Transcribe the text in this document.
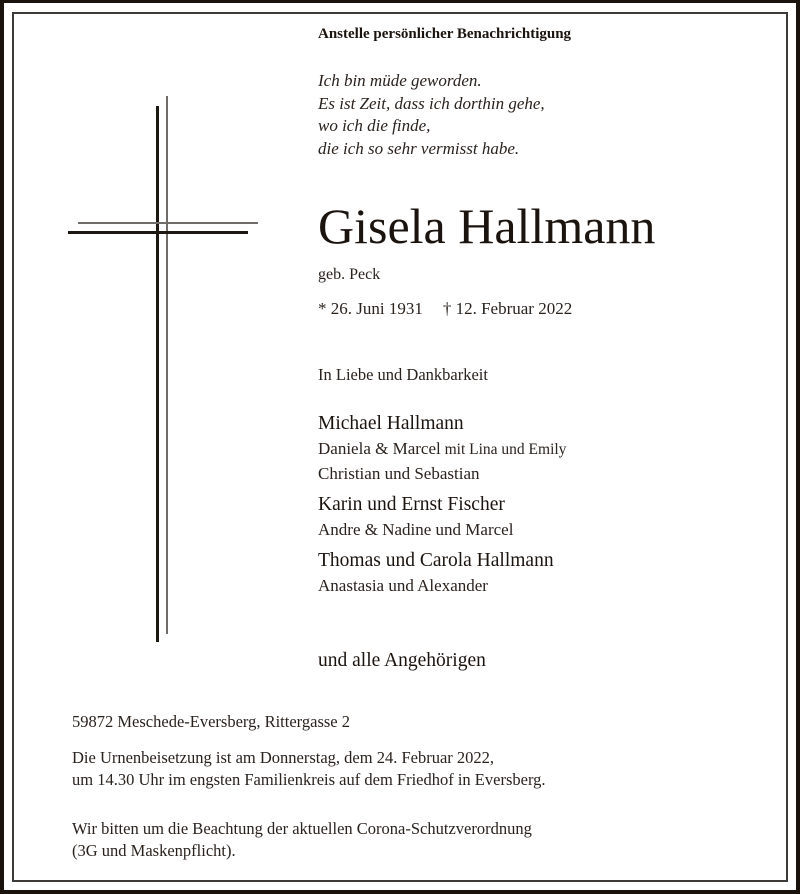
Anstelle persönlicher Benachrichtigung
Ich bin müde geworden.
Es ist Zeit, dass ich dorthin gehe,
wo ich die finde,
die ich so sehr vermisst habe.
Gisela Hallmann
geb. Peck
* 26. Juni 1931 † 12. Februar 2022
In Liebe und Dankbarkeit
Michael Hallmann
Daniela & Marcel mit Lina und Emily
Christian und Sebastian
Karin und Ernst Fischer
Andre & Nadine und Marcel
Thomas und Carola Hallmann
Anastasia und Alexander
und alle Angehörigen
59872 Meschede-Eversberg, Rittergasse 2
Die Urnenbeisetzung ist am Donnerstag, dem 24. Februar 2022,
um 14.30 Uhr im engsten Familienkreis auf dem Friedhof in Eversberg.
Wir bitten um die Beachtung der aktuellen Corona-Schutzverordnung
(3G und Maskenpflicht).
